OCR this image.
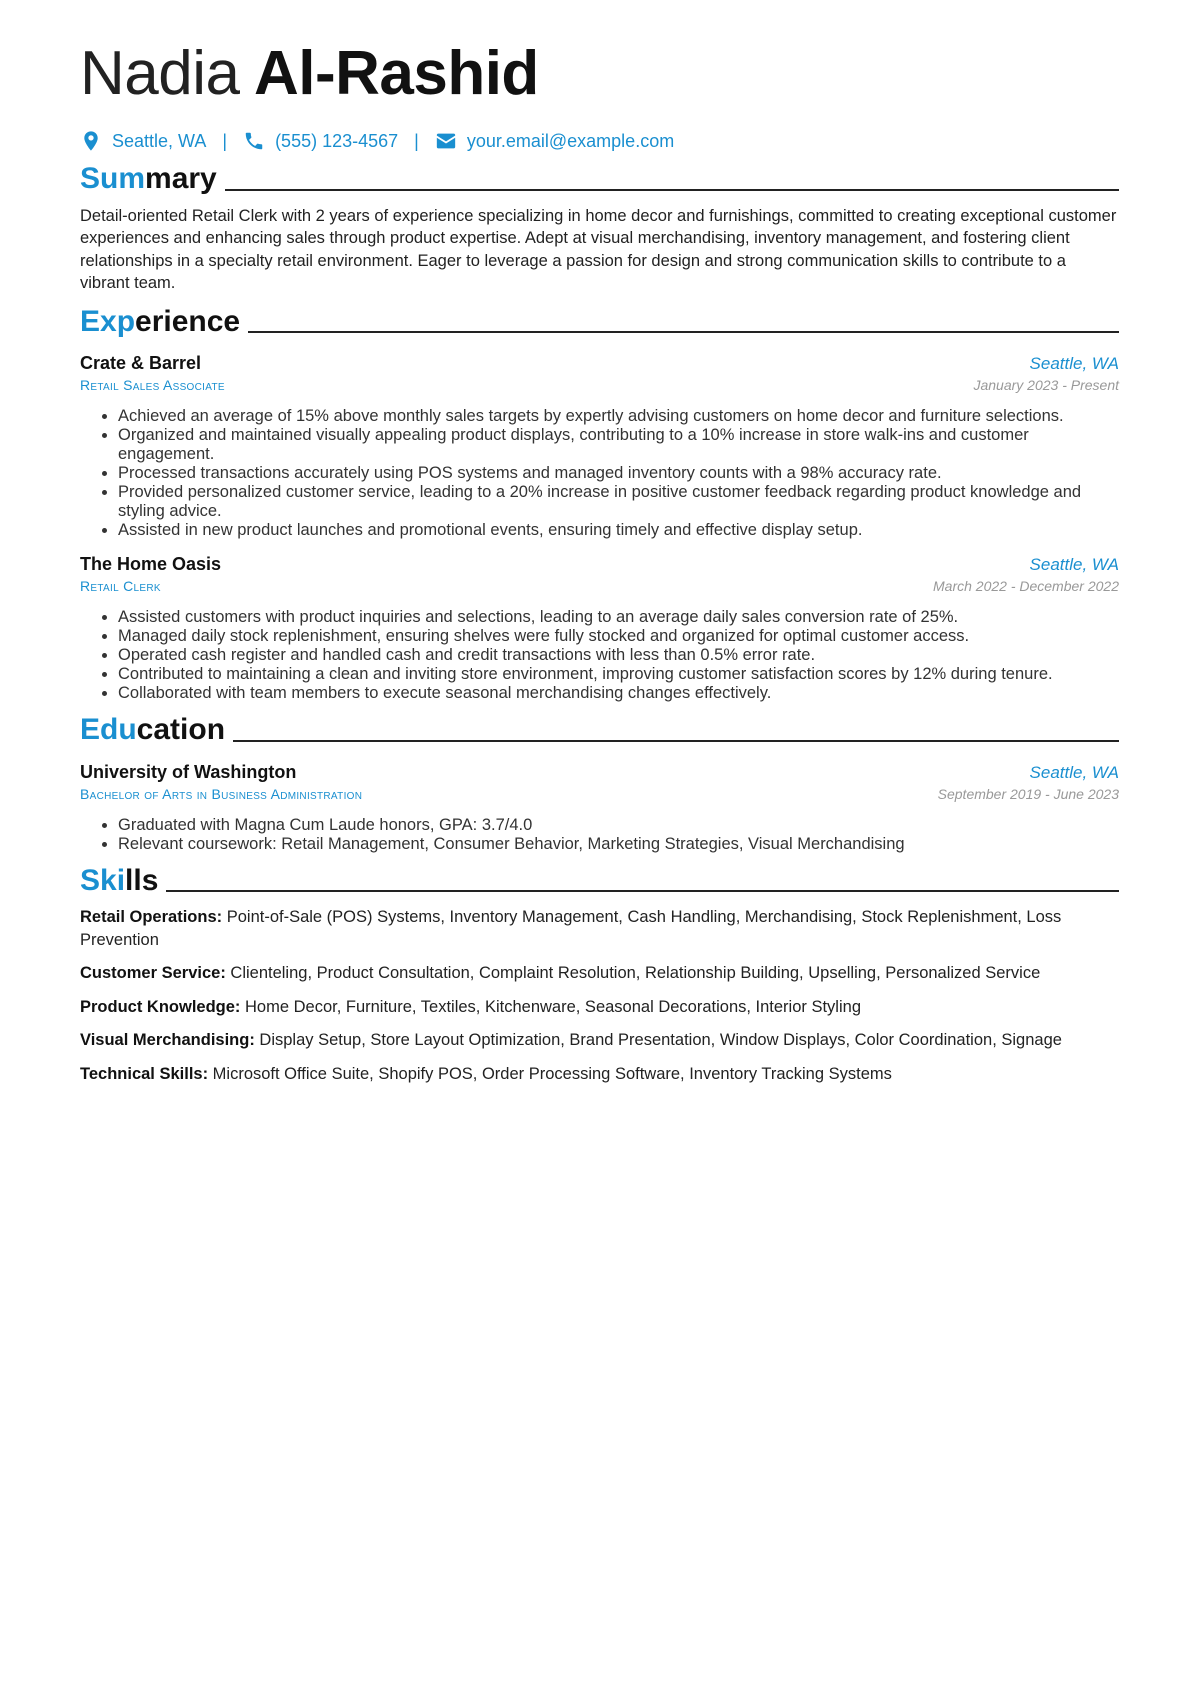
Nadia Al-Rashid
Seattle, WA |	(555) 123-4567 |	your.email@example.com
Summary

Detail-oriented Retail Clerk with 2 years of experience specializing in home decor and furnishings, committed to creating exceptional customer experiences and enhancing sales through product expertise. Adept at visual merchandising, inventory management, and fostering client relationships in a specialty retail environment. Eager to leverage a passion for design and strong communication skills to contribute to a vibrant team.

Experience
Crate & Barrel	Seattle, WA
Retail Sales Associate	January 2023 - Present
• Achieved an average of 15% above monthly sales targets by expertly advising customers on home decor and furniture selections.
• Organized and maintained visually appealing product displays, contributing to a 10% increase in store walk-ins and customer engagement.
• Processed transactions accurately using POS systems and managed inventory counts with a 98% accuracy rate.
• Provided personalized customer service, leading to a 20% increase in positive customer feedback regarding product knowledge and styling advice.
• Assisted in new product launches and promotional events, ensuring timely and effective display setup.
The Home Oasis	Seattle, WA
Retail Clerk	March 2022 - December 2022
• Assisted customers with product inquiries and selections, leading to an average daily sales conversion rate of 25%.
• Managed daily stock replenishment, ensuring shelves were fully stocked and organized for optimal customer access.
• Operated cash register and handled cash and credit transactions with less than 0.5% error rate.
• Contributed to maintaining a clean and inviting store environment, improving customer satisfaction scores by 12% during tenure.
• Collaborated with team members to execute seasonal merchandising changes effectively.
Education
University of Washington	Seattle, WA
Bachelor of Arts in Business Administration	September 2019 - June 2023
• Graduated with Magna Cum Laude honors, GPA: 3.7/4.0
• Relevant coursework: Retail Management, Consumer Behavior, Marketing Strategies, Visual Merchandising
Skills
Retail Operations: Point-of-Sale (POS) Systems, Inventory Management, Cash Handling, Merchandising, Stock Replenishment, Loss Prevention
Customer Service: Clienteling, Product Consultation, Complaint Resolution, Relationship Building, Upselling, Personalized Service
Product Knowledge: Home Decor, Furniture, Textiles, Kitchenware, Seasonal Decorations, Interior Styling
Visual Merchandising: Display Setup, Store Layout Optimization, Brand Presentation, Window Displays, Color Coordination, Signage
Technical Skills: Microsoft Office Suite, Shopify POS, Order Processing Software, Inventory Tracking Systems
